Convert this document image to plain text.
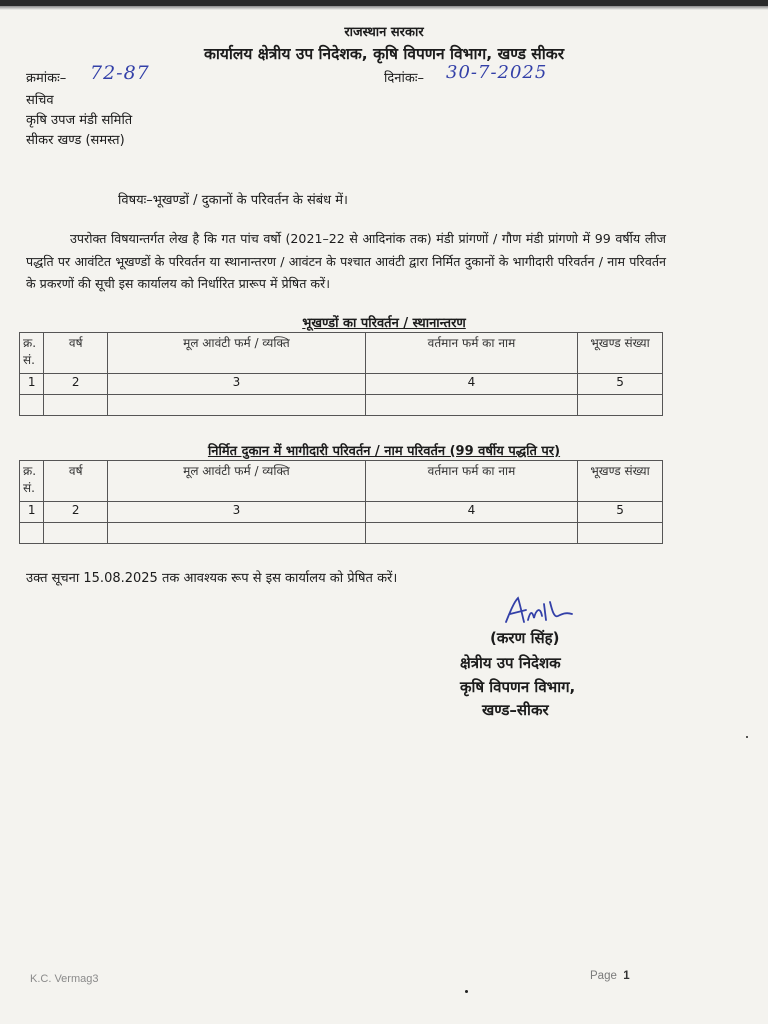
राजस्थान सरकार
कार्यालय क्षेत्रीय उप निदेशक, कृषि विपणन विभाग, खण्ड सीकर
क्रमांकः– 72-87	दिनांकः– 30-7-2025
सचिव
कृषि उपज मंडी समिति
सीकर खण्ड (समस्त)
विषयः–भूखण्डों / दुकानों के परिवर्तन के संबंध में।
उपरोक्त विषयान्तर्गत लेख है कि गत पांच वर्षो (2021–22 से आदिनांक तक) मंडी प्रांगणों / गौण मंडी प्रांगणो में 99 वर्षीय लीज पद्धति पर आवंटित भूखण्डों के परिवर्तन या स्थानान्तरण / आवंटन के पश्चात आवंटी द्वारा निर्मित दुकानों के भागीदारी परिवर्तन / नाम परिवर्तन के प्रकरणों की सूची इस कार्यालय को निर्धारित प्रारूप में प्रेषित करें।
भूखण्डों का परिवर्तन / स्थानान्तरण
क्र. सं.	वर्ष	मूल आवंटी फर्म / व्यक्ति	वर्तमान फर्म का नाम	भूखण्ड संख्या
1	2	3	4	5

निर्मित दुकान में भागीदारी परिवर्तन / नाम परिवर्तन (99 वर्षीय पद्धति पर)
क्र. सं.	वर्ष	मूल आवंटी फर्म / व्यक्ति	वर्तमान फर्म का नाम	भूखण्ड संख्या
1	2	3	4	5

उक्त सूचना 15.08.2025 तक आवश्यक रूप से इस कार्यालय को प्रेषित करें।
(करण सिंह)
क्षेत्रीय उप निदेशक
कृषि विपणन विभाग,
खण्ड–सीकर
K.C. Vermag3	Page 1
